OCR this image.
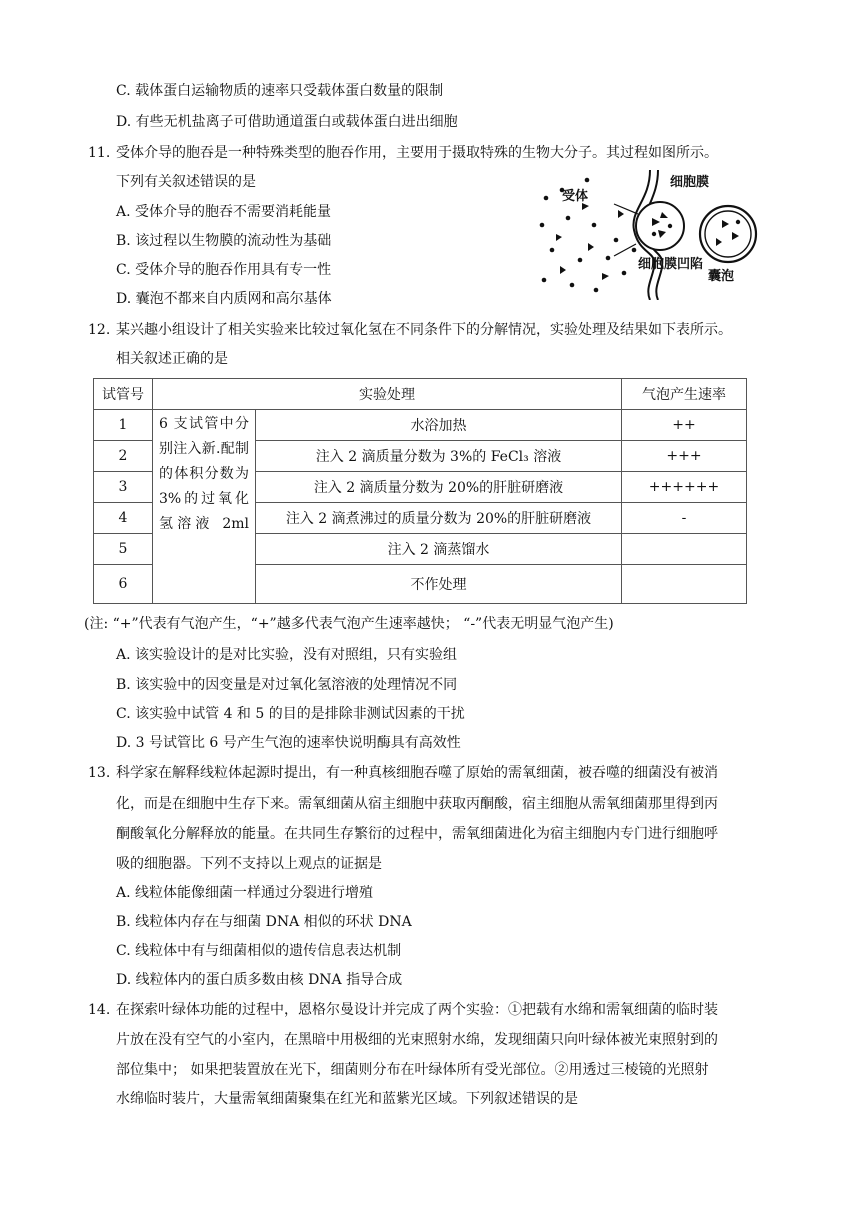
C. 载体蛋白运输物质的速率只受载体蛋白数量的限制
D. 有些无机盐离子可借助通道蛋白或载体蛋白进出细胞
11. 受体介导的胞吞是一种特殊类型的胞吞作用，主要用于摄取特殊的生物大分子。其过程如图所示。
下列有关叙述错误的是
A. 受体介导的胞吞不需要消耗能量
B. 该过程以生物膜的流动性为基础
C. 受体介导的胞吞作用具有专一性
D. 囊泡不都来自内质网和高尔基体
受体
细胞膜
细胞膜凹陷
囊泡
12. 某兴趣小组设计了相关实验来比较过氧化氢在不同条件下的分解情况，实验处理及结果如下表所示。
相关叙述正确的是
试管号	实验处理		气泡产生速率
1	6 支试管中分别注入新.配制的体积分数为 3%的过氧化氢溶液 2ml	水浴加热	++
2		注入 2 滴质量分数为 3%的 FeCl₃ 溶液	+++
3		注入 2 滴质量分数为 20%的肝脏研磨液	++++++
4		注入 2 滴煮沸过的质量分数为 20%的肝脏研磨液	-
5		注入 2 滴蒸馏水	
6		不作处理	
(注: “+”代表有气泡产生，“+”越多代表气泡产生速率越快； “-”代表无明显气泡产生)
A. 该实验设计的是对比实验，没有对照组，只有实验组
B. 该实验中的因变量是对过氧化氢溶液的处理情况不同
C. 该实验中试管 4 和 5 的目的是排除非测试因素的干扰
D. 3 号试管比 6 号产生气泡的速率快说明酶具有高效性
13. 科学家在解释线粒体起源时提出，有一种真核细胞吞噬了原始的需氧细菌，被吞噬的细菌没有被消
化，而是在细胞中生存下来。需氧细菌从宿主细胞中获取丙酮酸，宿主细胞从需氧细菌那里得到丙
酮酸氧化分解释放的能量。在共同生存繁衍的过程中，需氧细菌进化为宿主细胞内专门进行细胞呼
吸的细胞器。下列不支持以上观点的证据是
A. 线粒体能像细菌一样通过分裂进行增殖
B. 线粒体内存在与细菌 DNA 相似的环状 DNA
C. 线粒体中有与细菌相似的遗传信息表达机制
D. 线粒体内的蛋白质多数由核 DNA 指导合成
14. 在探索叶绿体功能的过程中，恩格尔曼设计并完成了两个实验：①把载有水绵和需氧细菌的临时装
片放在没有空气的小室内，在黑暗中用极细的光束照射水绵，发现细菌只向叶绿体被光束照射到的
部位集中； 如果把装置放在光下，细菌则分布在叶绿体所有受光部位。②用透过三棱镜的光照射
水绵临时装片，大量需氧细菌聚集在红光和蓝紫光区域。下列叙述错误的是
